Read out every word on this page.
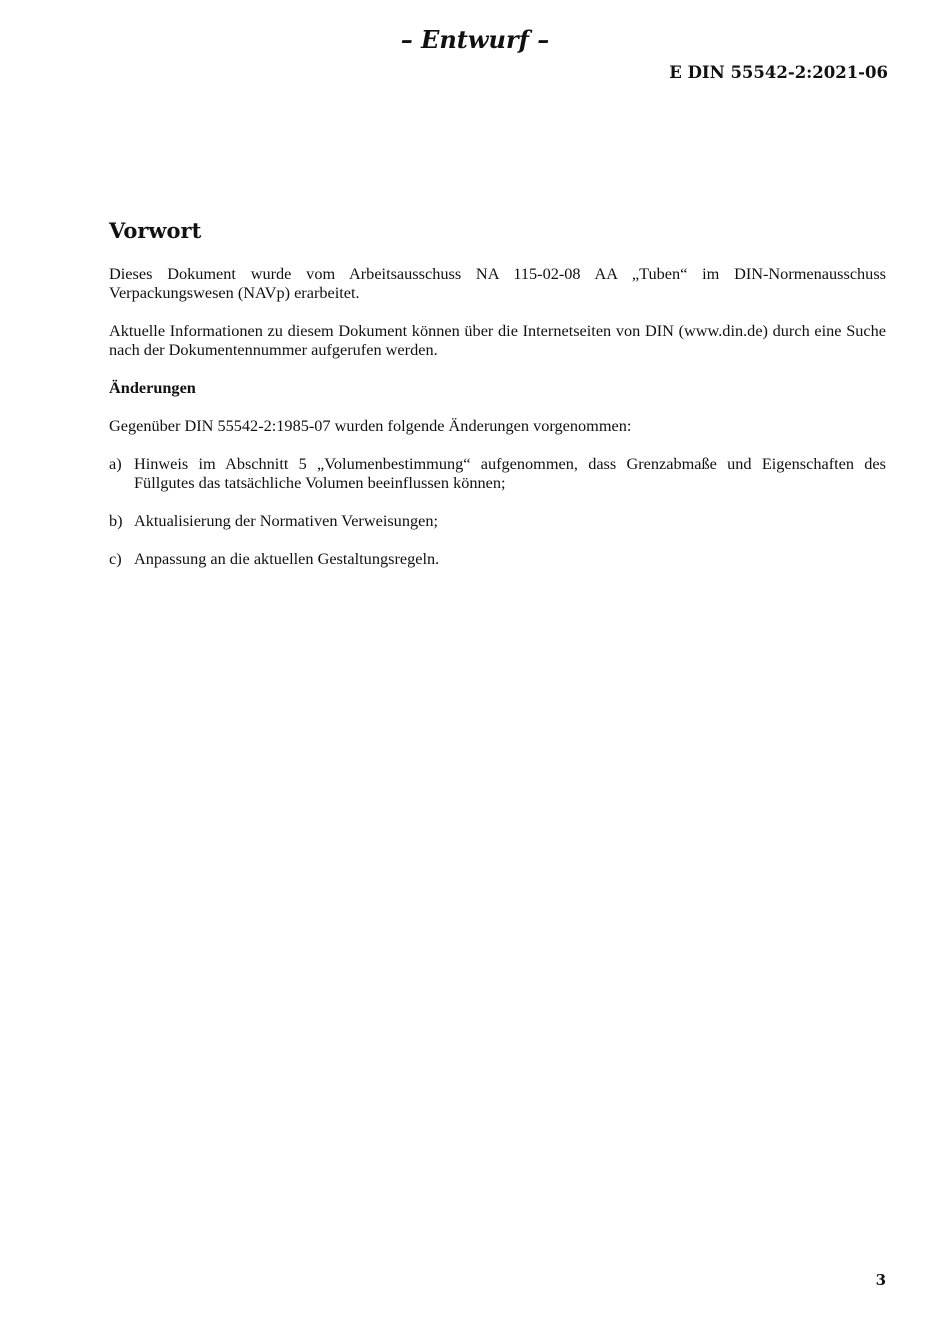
– Entwurf –
E DIN 55542-2:2021-06
Vorwort

Dieses Dokument wurde vom Arbeitsausschuss NA 115-02-08 AA „Tuben“ im DIN-Normenausschuss Verpackungswesen (NAVp) erarbeitet.

Aktuelle Informationen zu diesem Dokument können über die Internetseiten von DIN (www.din.de) durch eine Suche nach der Dokumentennummer aufgerufen werden.

Änderungen

Gegenüber DIN 55542-2:1985-07 wurden folgende Änderungen vorgenommen:

a) Hinweis im Abschnitt 5 „Volumenbestimmung“ aufgenommen, dass Grenzabmaße und Eigenschaften des Füllgutes das tatsächliche Volumen beeinflussen können;
b) Aktualisierung der Normativen Verweisungen;
c) Anpassung an die aktuellen Gestaltungsregeln.
3
